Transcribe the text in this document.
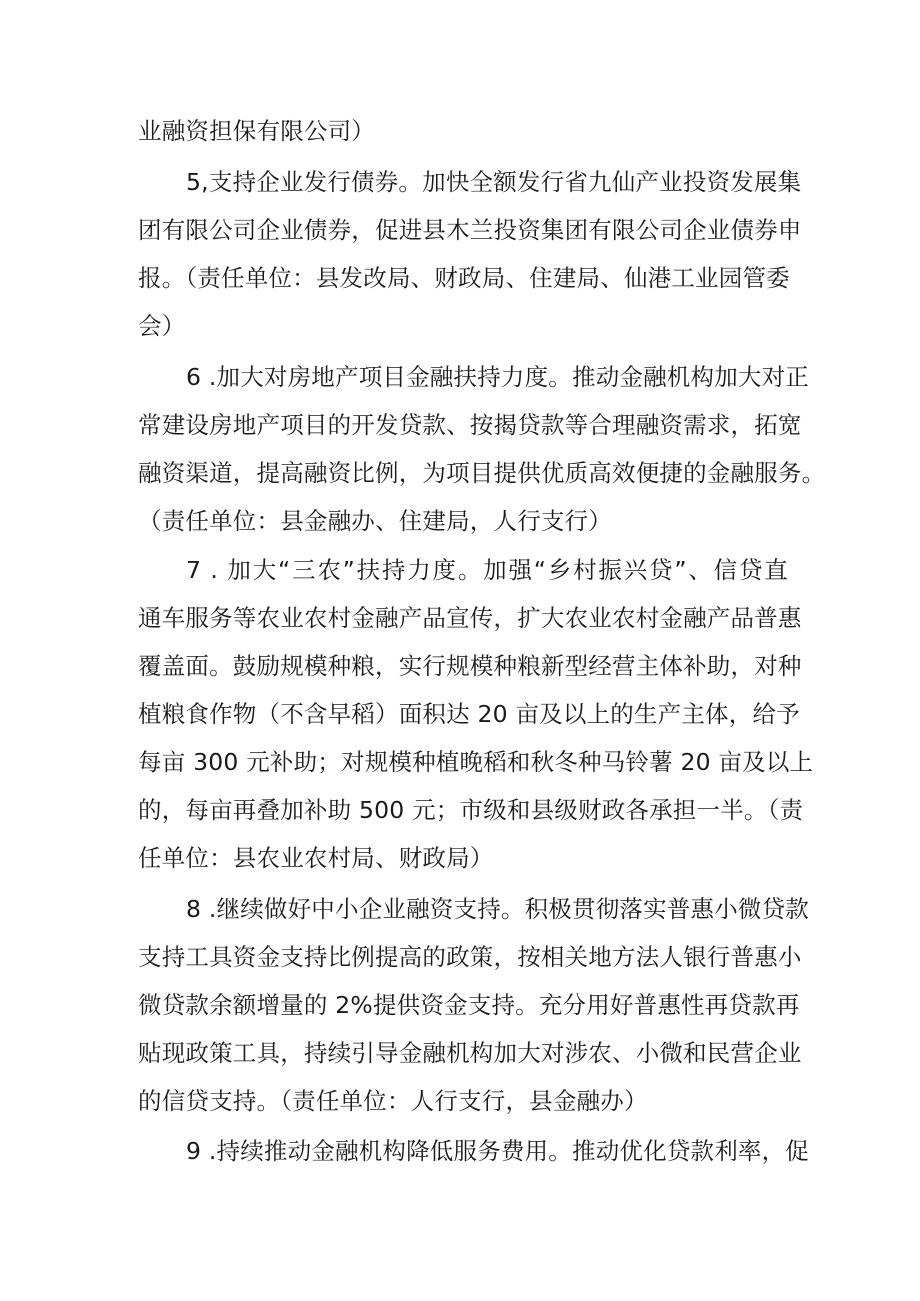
业融资担保有限公司）
5,支持企业发行债券。加快全额发行省九仙产业投资发展集
团有限公司企业债券，促进县木兰投资集团有限公司企业债券申
报。（责任单位：县发改局、财政局、住建局、仙港工业园管委
会）
6 .加大对房地产项目金融扶持力度。推动金融机构加大对正
常建设房地产项目的开发贷款、按揭贷款等合理融资需求，拓宽
融资渠道，提高融资比例，为项目提供优质高效便捷的金融服务。
（责任单位：县金融办、住建局，人行支行）
7 . 加大“三农”扶持力度。加强“乡村振兴贷”、信贷直
通车服务等农业农村金融产品宣传，扩大农业农村金融产品普惠
覆盖面。鼓励规模种粮，实行规模种粮新型经营主体补助，对种
植粮食作物（不含早稻）面积达 20 亩及以上的生产主体，给予
每亩 300 元补助；对规模种植晚稻和秋冬种马铃薯 20 亩及以上
的，每亩再叠加补助 500 元；市级和县级财政各承担一半。（责
任单位：县农业农村局、财政局）
8 .继续做好中小企业融资支持。积极贯彻落实普惠小微贷款
支持工具资金支持比例提高的政策，按相关地方法人银行普惠小
微贷款余额增量的 2%提供资金支持。充分用好普惠性再贷款再
贴现政策工具，持续引导金融机构加大对涉农、小微和民营企业
的信贷支持。（责任单位：人行支行，县金融办）
9 .持续推动金融机构降低服务费用。推动优化贷款利率，促
